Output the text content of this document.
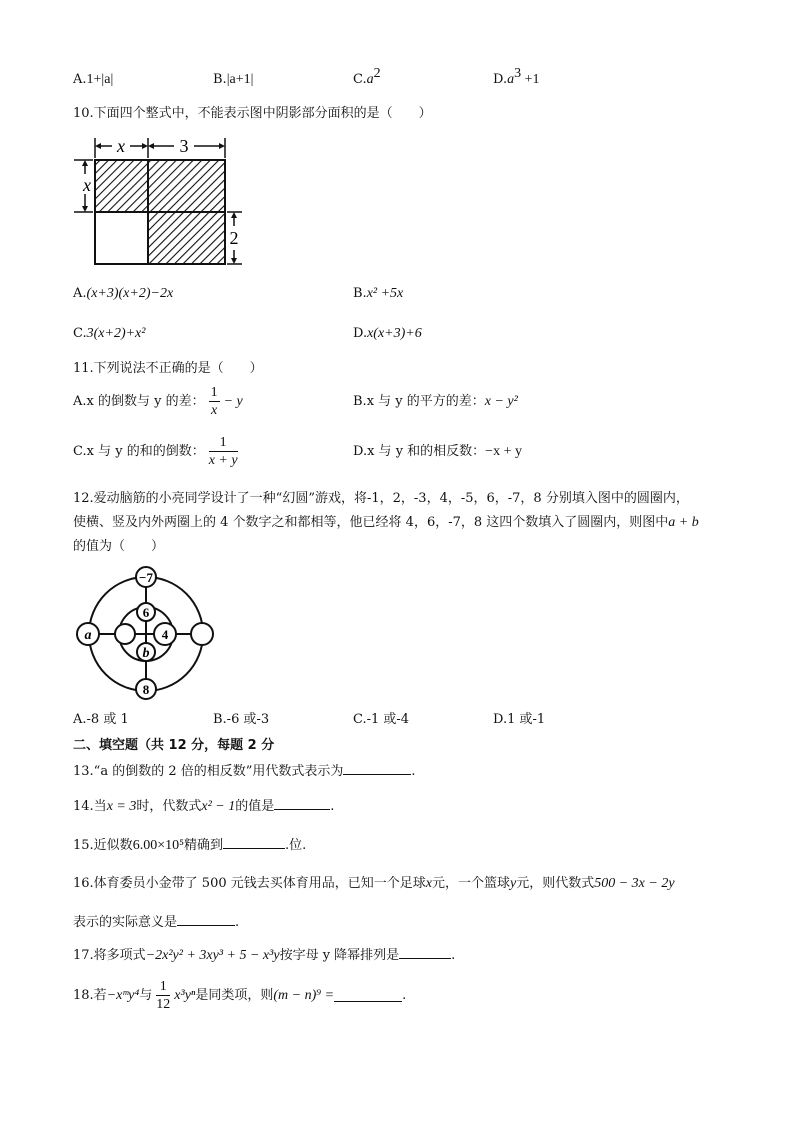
A.1+|a|	B.|a+1|	$C.a^2$	$D.a^3 +1$
10.下面四个整式中，不能表示图中阴影部分面积的是（　　）
x	3
x
2
A.(x+3)(x+2)−2x	B.x² +5x
C.3(x+2)+x²	D.x(x+3)+6
11.下列说法不正确的是（　　）
A. x 的倒数与 y 的差： $\frac{1}{x} - y$	B.x 与 y 的平方的差：x − y²
C. x 与 y 的和的倒数： $\frac{1}{x + y}$	D.x 与 y 和的相反数：−x + y
12.爱动脑筋的小亮同学设计了一种“幻圆”游戏，将-1，2，-3，4，-5，6，-7，8 分别填入图中的圆圈内，
使横、竖及内外两圈上的 4 个数字之和都相等，他已经将 4，6，-7，8 这四个数填入了圆圈内，则图中a + b
的值为（　　）
−7
6
a	4
b
8
A.-8 或 1	B.-6 或-3	C.-1 或-4	D.1 或-1
二、填空题（共 12 分，每题 2 分
13.“a 的倒数的 2 倍的相反数”用代数式表示为	.
14.当x = 3时，代数式x² − 1的值是	.
15.近似数6.00×10⁵精确到	.位.
16.体育委员小金带了 500 元钱去买体育用品，已知一个足球x元，一个篮球y元，则代数式500 − 3x − 2y
表示的实际意义是	.
17.将多项式−2x²y² + 3xy³ + 5 − x³y按字母 y 降幂排列是	.
18.若 −xᵐy⁴ 与 $\frac{1}{12} x^3y^n$ 是同类项，则 (m − n)⁹ =	.
